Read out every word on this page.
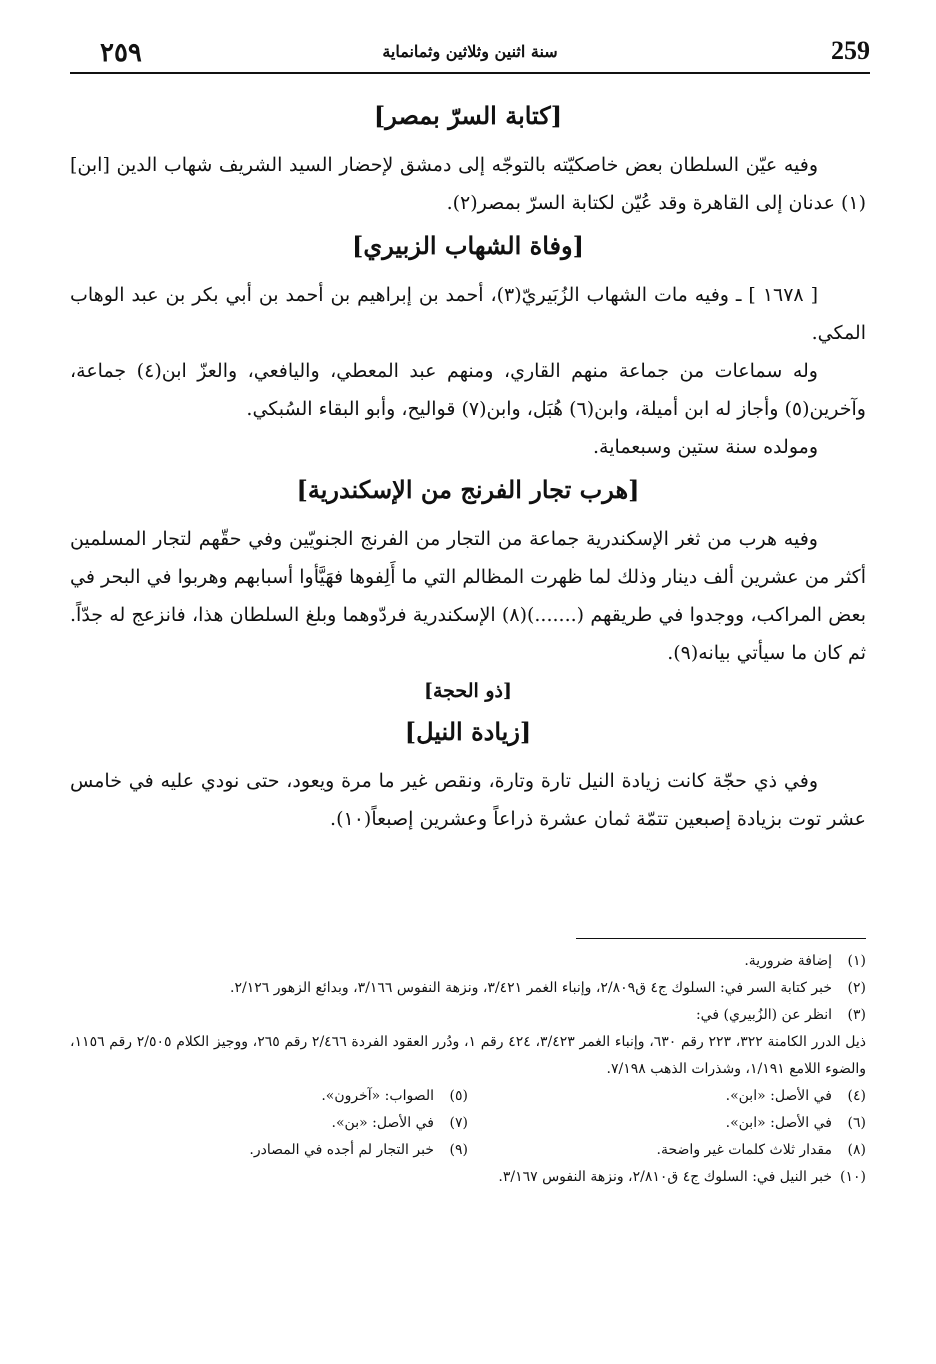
٢٥٩	سنة اثنين وثلاثين وثمانماية	259
[كتابة السرّ بمصر]

وفيه عيّن السلطان بعض خاصكيّته بالتوجّه إلى دمشق لإحضار السيد الشريف شهاب الدين [ابن](١) عدنان إلى القاهرة وقد عُيّن لكتابة السرّ بمصر(٢).

[وفاة الشهاب الزبيري]

[ ١٦٧٨ ] ـ وفيه مات الشهاب الزُبَيريّ(٣)، أحمد بن إبراهيم بن أحمد بن أبي بكر بن عبد الوهاب المكي.

وله سماعات من جماعة منهم القاري، ومنهم عبد المعطي، واليافعي، والعزّ ابن(٤) جماعة، وآخرين(٥) وأجاز له ابن أميلة، وابن(٦) هُبَل، وابن(٧) قواليح، وأبو البقاء السُبكي.

ومولده سنة ستين وسبعماية.

[هرب تجار الفرنج من الإسكندرية]

وفيه هرب من ثغر الإسكندرية جماعة من التجار من الفرنج الجنويّين وفي حقّهم لتجار المسلمين أكثر من عشرين ألف دينار وذلك لما ظهرت المظالم التي ما أَلِفوها فهَيَّأوا أسبابهم وهربوا في البحر في بعض المراكب، ووجدوا في طريقهم (.......)(٨) الإسكندرية فردّوهما وبلغ السلطان هذا، فانزعج له جدّاً. ثم كان ما سيأتي بيانه(٩).

[ذو الحجة]
[زيادة النيل]

وفي ذي حجّة كانت زيادة النيل تارة وتارة، ونقص غير ما مرة ويعود، حتى نودي عليه في خامس عشر توت بزيادة إصبعين تتمّة ثمان عشرة ذراعاً وعشرين إصبعاً(١٠).

(١)
إضافة ضرورية.
(٢)
خبر كتابة السر في: السلوك ج٤ ق٢/٨٠٩، وإنباء الغمر ٣/٤٢١، ونزهة النفوس ٣/١٦٦، وبدائع الزهور ٢/١٢٦.
(٣)
انظر عن (الزُبيري) في:
ذيل الدرر الكامنة ٣٢٢، ٢٢٣ رقم ٦٣٠، وإنباء الغمر ٣/٤٢٣، ٤٢٤ رقم ١، ودُرر العقود الفردة ٢/٤٦٦ رقم ٢٦٥، ووجيز الكلام ٢/٥٠٥ رقم ١١٥٦، والضوء اللامع ١/١٩١، وشذرات الذهب ٧/١٩٨.
(٤)
في الأصل: «ابن».
(٥)
الصواب: «آخرون».
(٦)
في الأصل: «ابن».
(٧)
في الأصل: «بن».
(٨)
مقدار ثلاث كلمات غير واضحة.
(٩)
خبر التجار لم أجده في المصادر.
(١٠)
خبر النيل في: السلوك ج٤ ق٢/٨١٠، ونزهة النفوس ٣/١٦٧.
